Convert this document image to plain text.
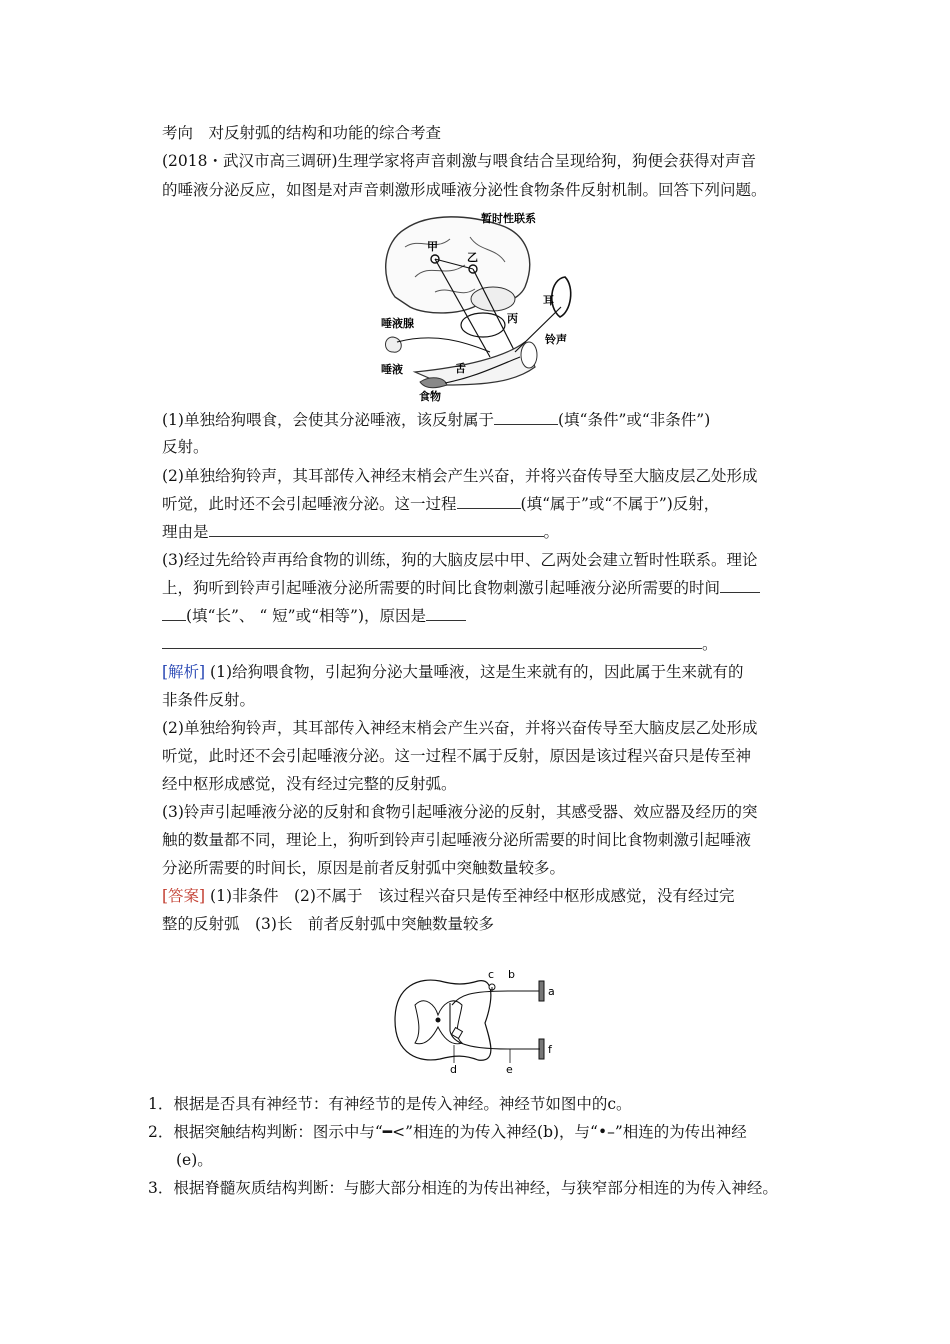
考向　对反射弧的结构和功能的综合考查
(2018・武汉市高三调研)生理学家将声音刺激与喂食结合呈现给狗，狗便会获得对声音
的唾液分泌反应，如图是对声音刺激形成唾液分泌性食物条件反射机制。回答下列问题。
暂时性联系
甲
乙
耳
丙
唾液腺
铃声
舌
唾液
食物
(1)单独给狗喂食，会使其分泌唾液，该反射属于	(填“条件”或“非条件”)
反射。
(2)单独给狗铃声，其耳部传入神经末梢会产生兴奋，并将兴奋传导至大脑皮层乙处形成
听觉，此时还不会引起唾液分泌。这一过程	(填“属于”或“不属于”)反射，
理由是	。
(3)经过先给铃声再给食物的训练，狗的大脑皮层中甲、乙两处会建立暂时性联系。理论
上，狗听到铃声引起唾液分泌所需要的时间比食物刺激引起唾液分泌所需要的时间
(填“长”、 “ 短”或“相等”)，原因是
。
[解析] (1)给狗喂食物，引起狗分泌大量唾液，这是生来就有的，因此属于生来就有的
非条件反射。
(2)单独给狗铃声，其耳部传入神经末梢会产生兴奋，并将兴奋传导至大脑皮层乙处形成
听觉，此时还不会引起唾液分泌。这一过程不属于反射，原因是该过程兴奋只是传至神
经中枢形成感觉，没有经过完整的反射弧。
(3)铃声引起唾液分泌的反射和食物引起唾液分泌的反射，其感受器、效应器及经历的突
触的数量都不同，理论上，狗听到铃声引起唾液分泌所需要的时间比食物刺激引起唾液
分泌所需要的时间长，原因是前者反射弧中突触数量较多。
[答案] (1)非条件　(2)不属于　该过程兴奋只是传至神经中枢形成感觉，没有经过完
整的反射弧　(3)长　前者反射弧中突触数量较多
c b
a
f
d	e
1．根据是否具有神经节：有神经节的是传入神经。神经节如图中的c。
2．根据突触结构判断：图示中与“━<”相连的为传入神经(b)，与“•–”相连的为传出神经
(e)。
3．根据脊髓灰质结构判断：与膨大部分相连的为传出神经，与狭窄部分相连的为传入神经。
